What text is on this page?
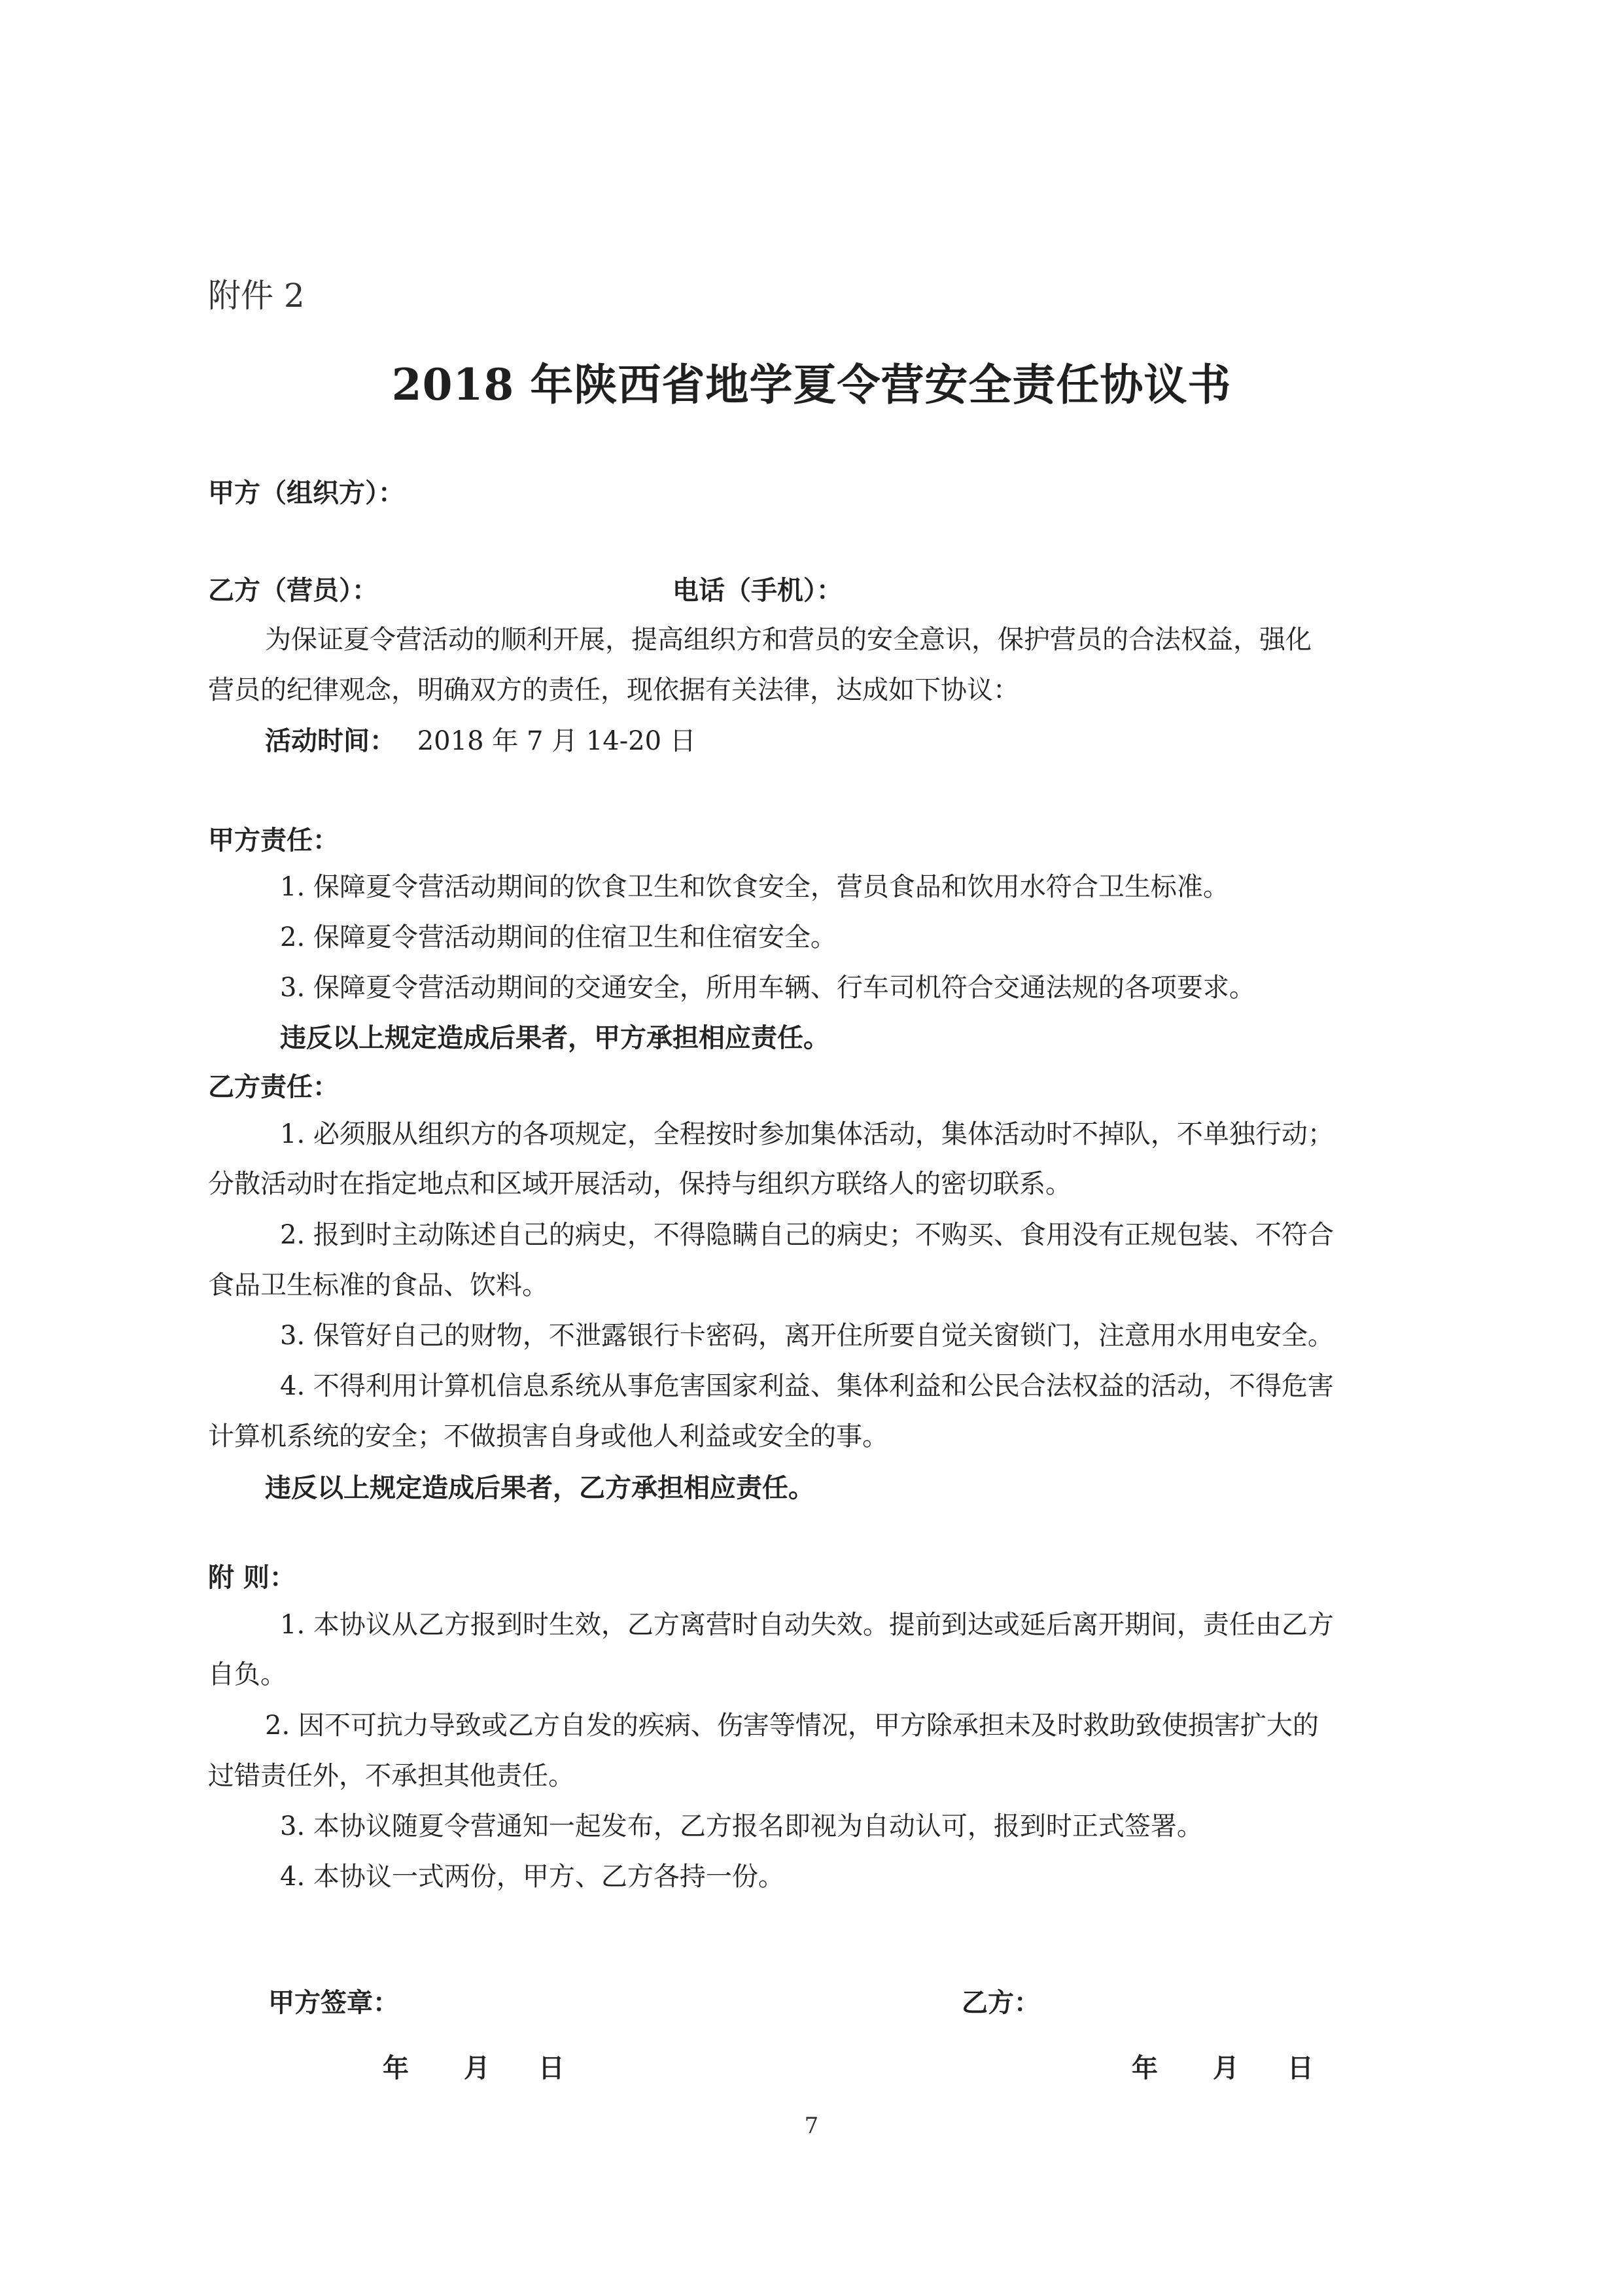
附件 2
2018 年陕西省地学夏令营安全责任协议书
甲方（组织方）：
乙方（营员）：	电话（手机）：
为保证夏令营活动的顺利开展，提高组织方和营员的安全意识，保护营员的合法权益，强化
营员的纪律观念，明确双方的责任，现依据有关法律，达成如下协议：
活动时间： 2018 年 7 月 14-20 日
甲方责任：
1. 保障夏令营活动期间的饮食卫生和饮食安全，营员食品和饮用水符合卫生标准。
2. 保障夏令营活动期间的住宿卫生和住宿安全。
3. 保障夏令营活动期间的交通安全，所用车辆、行车司机符合交通法规的各项要求。
违反以上规定造成后果者，甲方承担相应责任。
乙方责任：
1. 必须服从组织方的各项规定，全程按时参加集体活动，集体活动时不掉队，不单独行动；
分散活动时在指定地点和区域开展活动，保持与组织方联络人的密切联系。
2. 报到时主动陈述自己的病史，不得隐瞒自己的病史；不购买、食用没有正规包装、不符合
食品卫生标准的食品、饮料。
3. 保管好自己的财物，不泄露银行卡密码，离开住所要自觉关窗锁门，注意用水用电安全。
4. 不得利用计算机信息系统从事危害国家利益、集体利益和公民合法权益的活动，不得危害
计算机系统的安全；不做损害自身或他人利益或安全的事。
违反以上规定造成后果者，乙方承担相应责任。
附 则：
1. 本协议从乙方报到时生效，乙方离营时自动失效。提前到达或延后离开期间，责任由乙方
自负。
2. 因不可抗力导致或乙方自发的疾病、伤害等情况，甲方除承担未及时救助致使损害扩大的
过错责任外，不承担其他责任。
3. 本协议随夏令营通知一起发布，乙方报名即视为自动认可，报到时正式签署。
4. 本协议一式两份，甲方、乙方各持一份。
甲方签章：	乙方：
年 月 日	年 月 日
7
